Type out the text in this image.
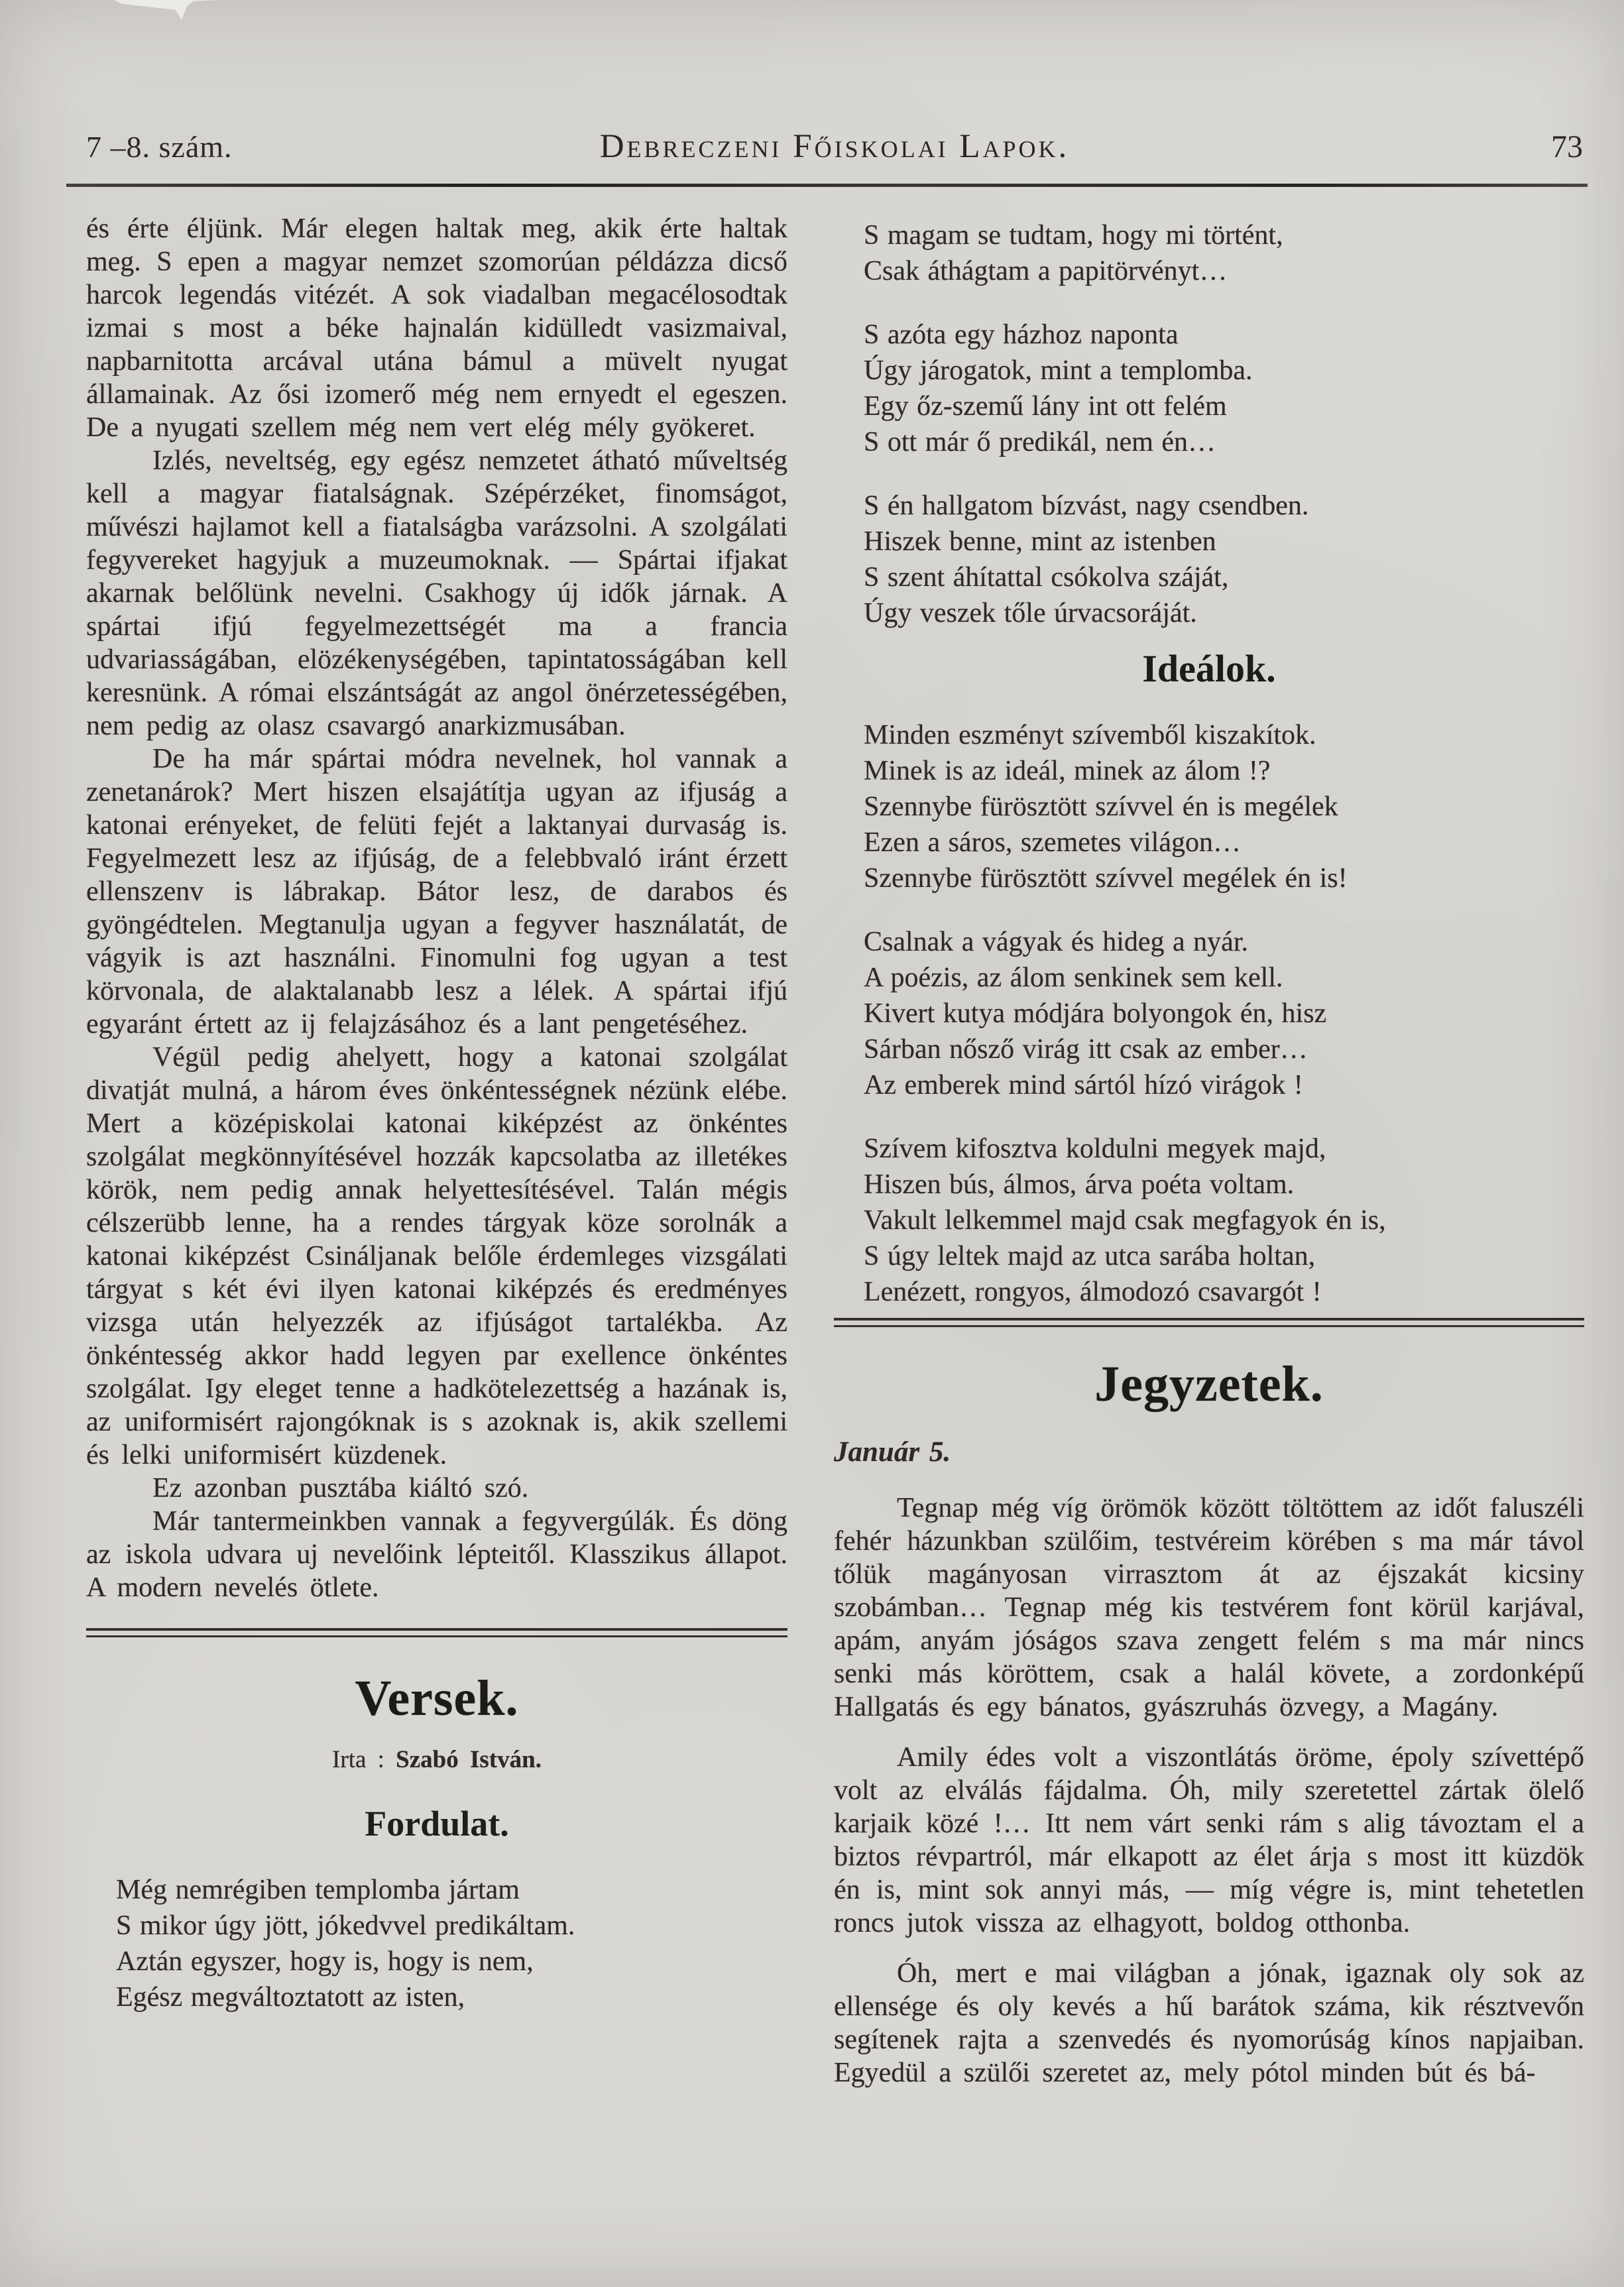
7 –8. szám.	Debreczeni Főiskolai Lapok.	73

és érte éljünk. Már elegen haltak meg, akik érte haltak meg. S epen a magyar nemzet szomorúan példázza dicső harcok legendás vitézét. A sok viadalban megacélosodtak izmai s most a béke hajnalán kidülledt vasizmaival, napbarnitotta arcával utána bámul a müvelt nyugat államainak. Az ősi izomerő még nem ernyedt el egeszen. De a nyugati szellem még nem vert elég mély gyökeret.

Izlés, neveltség, egy egész nemzetet átható műveltség kell a magyar fiatalságnak. Szépérzéket, finomságot, művészi hajlamot kell a fiatalságba varázsolni. A szolgálati fegyvereket hagyjuk a muzeumoknak. — Spártai ifjakat akarnak belőlünk nevelni. Csakhogy új idők járnak. A spártai ifjú fegyelmezettségét ma a francia udvariasságában, elözékenységében, tapintatosságában kell keresnünk. A római elszántságát az angol önérzetességében, nem pedig az olasz csavargó anarkizmusában.

De ha már spártai módra nevelnek, hol vannak a zenetanárok? Mert hiszen elsajátítja ugyan az ifjuság a katonai erényeket, de felüti fejét a laktanyai durvaság is. Fegyelmezett lesz az ifjúság, de a felebbvaló iránt érzett ellenszenv is lábrakap. Bátor lesz, de darabos és gyöngédtelen. Megtanulja ugyan a fegyver használatát, de vágyik is azt használni. Finomulni fog ugyan a test körvonala, de alaktalanabb lesz a lélek. A spártai ifjú egyaránt értett az ij felajzásához és a lant pengetéséhez.

Végül pedig ahelyett, hogy a katonai szolgálat divatját mulná, a három éves önkéntességnek nézünk elébe. Mert a középiskolai katonai kiképzést az önkéntes szolgálat megkönnyítésével hozzák kapcsolatba az illetékes körök, nem pedig annak helyettesítésével. Talán mégis célszerübb lenne, ha a rendes tárgyak köze sorolnák a katonai kiképzést Csináljanak belőle érdemleges vizsgálati tárgyat s két évi ilyen katonai kiképzés és eredményes vizsga után helyezzék az ifjúságot tartalékba. Az önkéntesség akkor hadd legyen par exellence önkéntes szolgálat. Igy eleget tenne a hadkötelezettség a hazának is, az uniformisért rajongóknak is s azoknak is, akik szellemi és lelki uniformisért küzdenek.

Ez azonban pusztába kiáltó szó.

Már tantermeinkben vannak a fegyvergúlák. És döng az iskola udvara uj nevelőink lépteitől. Klasszikus állapot. A modern nevelés ötlete.

Versek.

Irta : Szabó István.

Fordulat.
Még nemrégiben templomba jártam
S mikor úgy jött, jókedvvel predikáltam.
Aztán egyszer, hogy is, hogy is nem,
Egész megváltoztatott az isten,
S magam se tudtam, hogy mi történt,
Csak áthágtam a papitörvényt…
S azóta egy házhoz naponta
Úgy járogatok, mint a templomba.
Egy őz-szemű lány int ott felém
S ott már ő predikál, nem én…
S én hallgatom bízvást, nagy csendben.
Hiszek benne, mint az istenben
S szent áhítattal csókolva száját,
Úgy veszek tőle úrvacsoráját.
Ideálok.
Minden eszményt szívemből kiszakítok.
Minek is az ideál, minek az álom !?
Szennybe fürösztött szívvel én is megélek
Ezen a sáros, szemetes világon…
Szennybe fürösztött szívvel megélek én is!
Csalnak a vágyak és hideg a nyár.
A poézis, az álom senkinek sem kell.
Kivert kutya módjára bolyongok én, hisz
Sárban nősző virág itt csak az ember…
Az emberek mind sártól hízó virágok !
Szívem kifosztva koldulni megyek majd,
Hiszen bús, álmos, árva poéta voltam.
Vakult lelkemmel majd csak megfagyok én is,
S úgy leltek majd az utca sarába holtan,
Lenézett, rongyos, álmodozó csavargót !
Jegyzetek.

Január 5.

Tegnap még víg örömök között töltöttem az időt faluszéli fehér házunkban szülőim, testvéreim körében s ma már távol tőlük magányosan virrasztom át az éjszakát kicsiny szobámban… Tegnap még kis testvérem font körül karjával, apám, anyám jóságos szava zengett felém s ma már nincs senki más köröttem, csak a halál követe, a zordonképű Hallgatás és egy bánatos, gyászruhás özvegy, a Magány.

Amily édes volt a viszontlátás öröme, époly szívettépő volt az elválás fájdalma. Óh, mily szeretettel zártak ölelő karjaik közé !… Itt nem várt senki rám s alig távoztam el a biztos révpartról, már elkapott az élet árja s most itt küzdök én is, mint sok annyi más, — míg végre is, mint tehetetlen roncs jutok vissza az elhagyott, boldog otthonba.

Óh, mert e mai világban a jónak, igaznak oly sok az ellensége és oly kevés a hű barátok száma, kik résztvevőn segítenek rajta a szenvedés és nyomorúság kínos napjaiban. Egyedül a szülői szeretet az, mely pótol minden bút és bá-
